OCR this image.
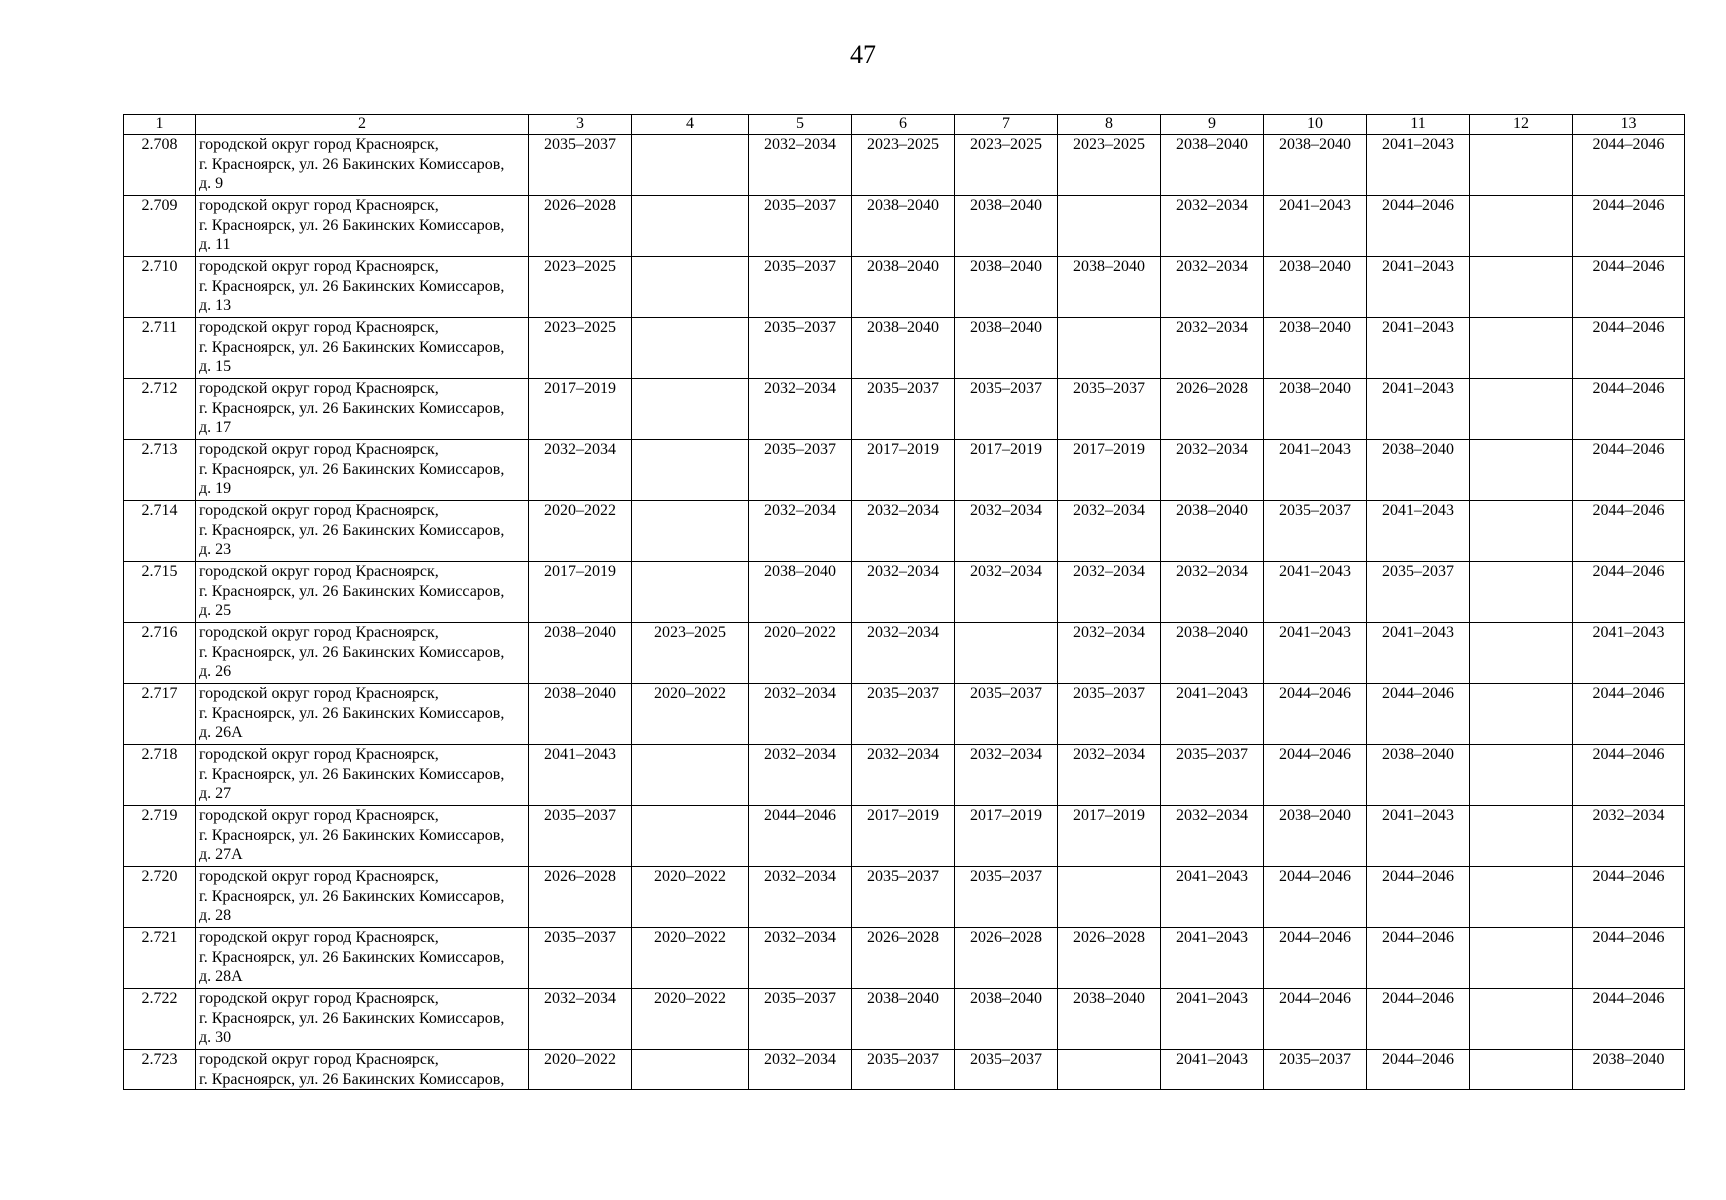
47
1	2	3	4	5	6	7	8	9	10	11	12	13
2.708	городской округ город Красноярск,
г. Красноярск, ул. 26 Бакинских Комиссаров,
д. 9	2035–2037		2032–2034	2023–2025	2023–2025	2023–2025	2038–2040	2038–2040	2041–2043		2044–2046
2.709	городской округ город Красноярск,
г. Красноярск, ул. 26 Бакинских Комиссаров,
д. 11	2026–2028		2035–2037	2038–2040	2038–2040		2032–2034	2041–2043	2044–2046		2044–2046
2.710	городской округ город Красноярск,
г. Красноярск, ул. 26 Бакинских Комиссаров,
д. 13	2023–2025		2035–2037	2038–2040	2038–2040	2038–2040	2032–2034	2038–2040	2041–2043		2044–2046
2.711	городской округ город Красноярск,
г. Красноярск, ул. 26 Бакинских Комиссаров,
д. 15	2023–2025		2035–2037	2038–2040	2038–2040		2032–2034	2038–2040	2041–2043		2044–2046
2.712	городской округ город Красноярск,
г. Красноярск, ул. 26 Бакинских Комиссаров,
д. 17	2017–2019		2032–2034	2035–2037	2035–2037	2035–2037	2026–2028	2038–2040	2041–2043		2044–2046
2.713	городской округ город Красноярск,
г. Красноярск, ул. 26 Бакинских Комиссаров,
д. 19	2032–2034		2035–2037	2017–2019	2017–2019	2017–2019	2032–2034	2041–2043	2038–2040		2044–2046
2.714	городской округ город Красноярск,
г. Красноярск, ул. 26 Бакинских Комиссаров,
д. 23	2020–2022		2032–2034	2032–2034	2032–2034	2032–2034	2038–2040	2035–2037	2041–2043		2044–2046
2.715	городской округ город Красноярск,
г. Красноярск, ул. 26 Бакинских Комиссаров,
д. 25	2017–2019		2038–2040	2032–2034	2032–2034	2032–2034	2032–2034	2041–2043	2035–2037		2044–2046
2.716	городской округ город Красноярск,
г. Красноярск, ул. 26 Бакинских Комиссаров,
д. 26	2038–2040	2023–2025	2020–2022	2032–2034		2032–2034	2038–2040	2041–2043	2041–2043		2041–2043
2.717	городской округ город Красноярск,
г. Красноярск, ул. 26 Бакинских Комиссаров,
д. 26А	2038–2040	2020–2022	2032–2034	2035–2037	2035–2037	2035–2037	2041–2043	2044–2046	2044–2046		2044–2046
2.718	городской округ город Красноярск,
г. Красноярск, ул. 26 Бакинских Комиссаров,
д. 27	2041–2043		2032–2034	2032–2034	2032–2034	2032–2034	2035–2037	2044–2046	2038–2040		2044–2046
2.719	городской округ город Красноярск,
г. Красноярск, ул. 26 Бакинских Комиссаров,
д. 27А	2035–2037		2044–2046	2017–2019	2017–2019	2017–2019	2032–2034	2038–2040	2041–2043		2032–2034
2.720	городской округ город Красноярск,
г. Красноярск, ул. 26 Бакинских Комиссаров,
д. 28	2026–2028	2020–2022	2032–2034	2035–2037	2035–2037		2041–2043	2044–2046	2044–2046		2044–2046
2.721	городской округ город Красноярск,
г. Красноярск, ул. 26 Бакинских Комиссаров,
д. 28А	2035–2037	2020–2022	2032–2034	2026–2028	2026–2028	2026–2028	2041–2043	2044–2046	2044–2046		2044–2046
2.722	городской округ город Красноярск,
г. Красноярск, ул. 26 Бакинских Комиссаров,
д. 30	2032–2034	2020–2022	2035–2037	2038–2040	2038–2040	2038–2040	2041–2043	2044–2046	2044–2046		2044–2046
2.723	городской округ город Красноярск,
г. Красноярск, ул. 26 Бакинских Комиссаров,	2020–2022		2032–2034	2035–2037	2035–2037		2041–2043	2035–2037	2044–2046		2038–2040
